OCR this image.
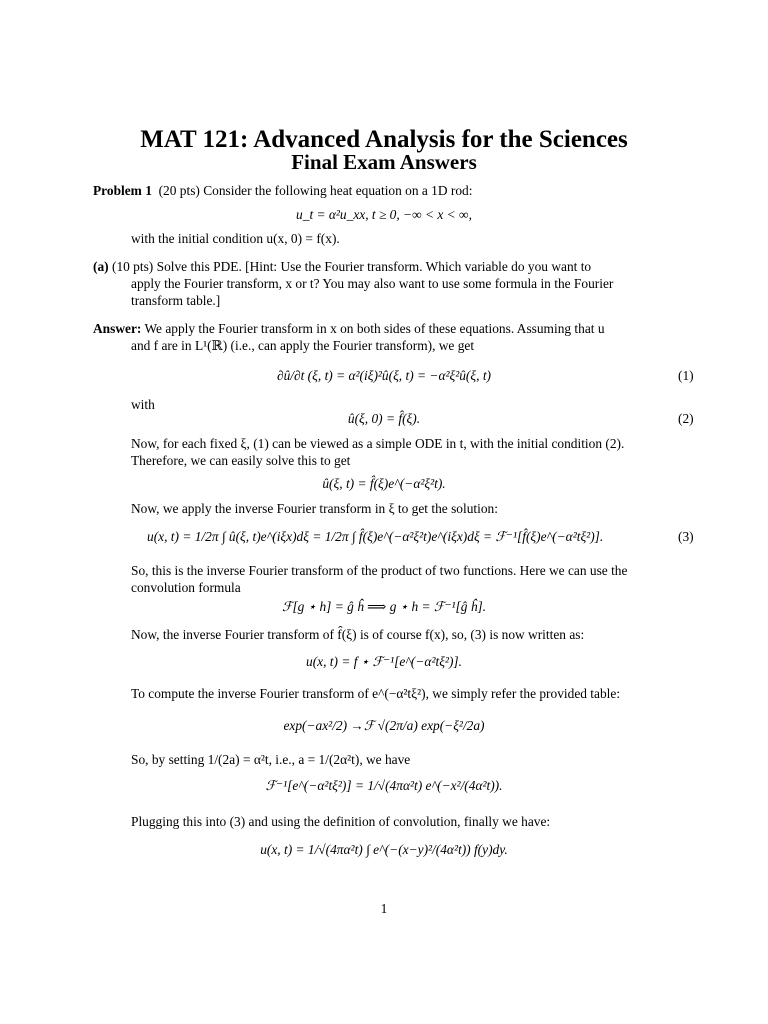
MAT 121: Advanced Analysis for the Sciences
Final Exam Answers
Problem 1 (20 pts) Consider the following heat equation on a 1D rod:
u_t = α²u_xx, t ≥ 0, −∞ < x < ∞,
with the initial condition u(x, 0) = f(x).
(a) (10 pts) Solve this PDE. [Hint: Use the Fourier transform. Which variable do you want to
apply the Fourier transform, x or t? You may also want to use some formula in the Fourier
transform table.]
Answer: We apply the Fourier transform in x on both sides of these equations. Assuming that u
and f are in L¹(ℝ) (i.e., can apply the Fourier transform), we get
∂û/∂t (ξ, t) = α²(iξ)²û(ξ, t) = −α²ξ²û(ξ, t)	(1)
with
û(ξ, 0) = f̂(ξ).	(2)
Now, for each fixed ξ, (1) can be viewed as a simple ODE in t, with the initial condition (2).
Therefore, we can easily solve this to get
û(ξ, t) = f̂(ξ)e^(−α²ξ²t).
Now, we apply the inverse Fourier transform in ξ to get the solution:
u(x, t) = 1/2π ∫ û(ξ, t)e^(iξx)dξ = 1/2π ∫ f̂(ξ)e^(−α²ξ²t)e^(iξx)dξ = ℱ⁻¹[f̂(ξ)e^(−α²tξ²)].	(3)
So, this is the inverse Fourier transform of the product of two functions. Here we can use the
convolution formula
ℱ[g ⋆ h] = ĝ ĥ ⟹ g ⋆ h = ℱ⁻¹[ĝ ĥ].
Now, the inverse Fourier transform of f̂(ξ) is of course f(x), so, (3) is now written as:
u(x, t) = f ⋆ ℱ⁻¹[e^(−α²tξ²)].
To compute the inverse Fourier transform of e^(−α²tξ²), we simply refer the provided table:
exp(−ax²/2) →ℱ √(2π/a) exp(−ξ²/2a)
So, by setting 1/(2a) = α²t, i.e., a = 1/(2α²t), we have
ℱ⁻¹[e^(−α²tξ²)] = 1/√(4πα²t) e^(−x²/(4α²t)).
Plugging this into (3) and using the definition of convolution, finally we have:
u(x, t) = 1/√(4πα²t) ∫ e^(−(x−y)²/(4α²t)) f(y)dy.
1
